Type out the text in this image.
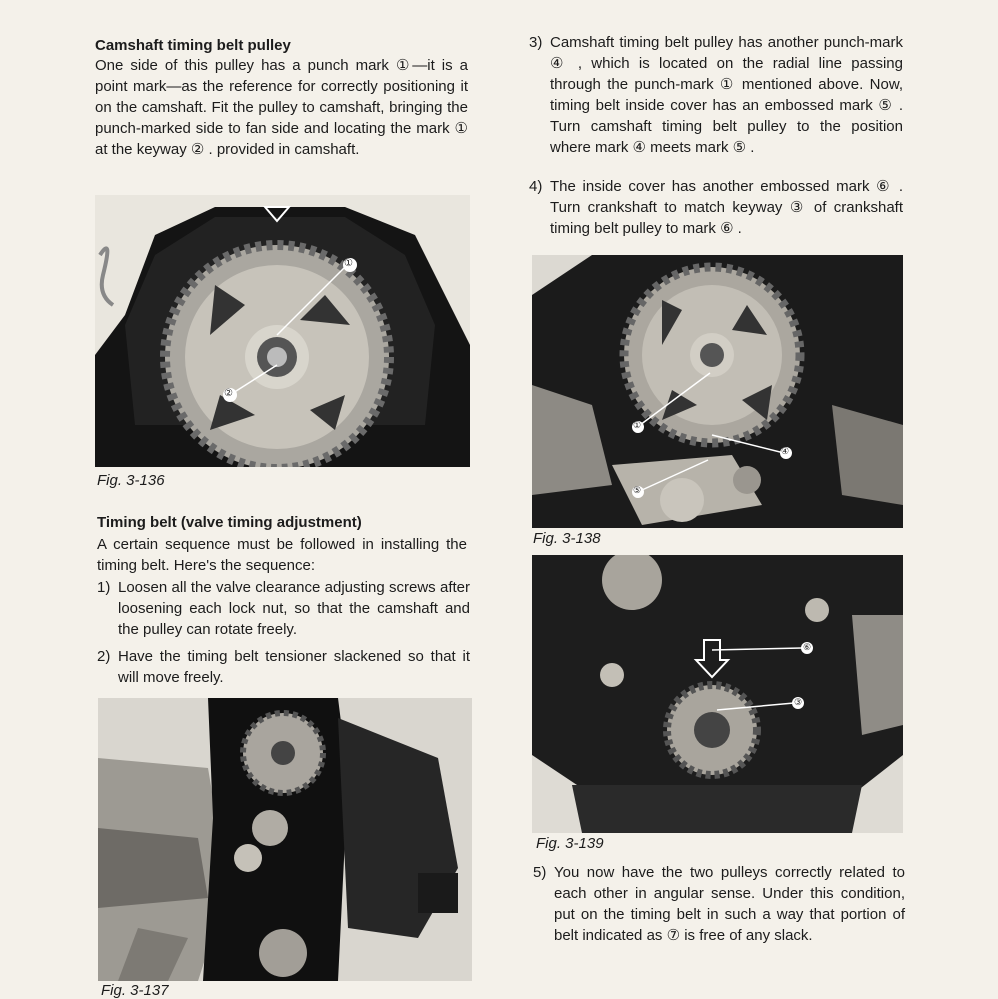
Camshaft timing belt pulley
One side of this pulley has a punch mark ①—it is a point mark—as the reference for correctly positioning it on the camshaft. Fit the pulley to camshaft, bringing the punch-marked side to fan side and locating the mark ① at the keyway ② . provided in camshaft.
①
②
Fig. 3-136
Timing belt (valve timing adjustment)
A certain sequence must be followed in installing the timing belt. Here's the sequence:
1) Loosen all the valve clearance adjusting screws after loosening each lock nut, so that the camshaft and the pulley can rotate freely.
2) Have the timing belt tensioner slackened so that it will move freely.
Fig. 3-137
3) Camshaft timing belt pulley has another punch-mark ④ , which is located on the radial line passing through the punch-mark ① mentioned above. Now, timing belt inside cover has an embossed mark ⑤ . Turn camshaft timing belt pulley to the position where mark ④ meets mark ⑤ .
4) The inside cover has another embossed mark ⑥ . Turn crankshaft to match keyway ③ of crankshaft timing belt pulley to mark ⑥ .
①
④
⑤
Fig. 3-138
⑥
③
Fig. 3-139
5) You now have the two pulleys correctly related to each other in angular sense. Under this condition, put on the timing belt in such a way that portion of belt indicated as ⑦ is free of any slack.
